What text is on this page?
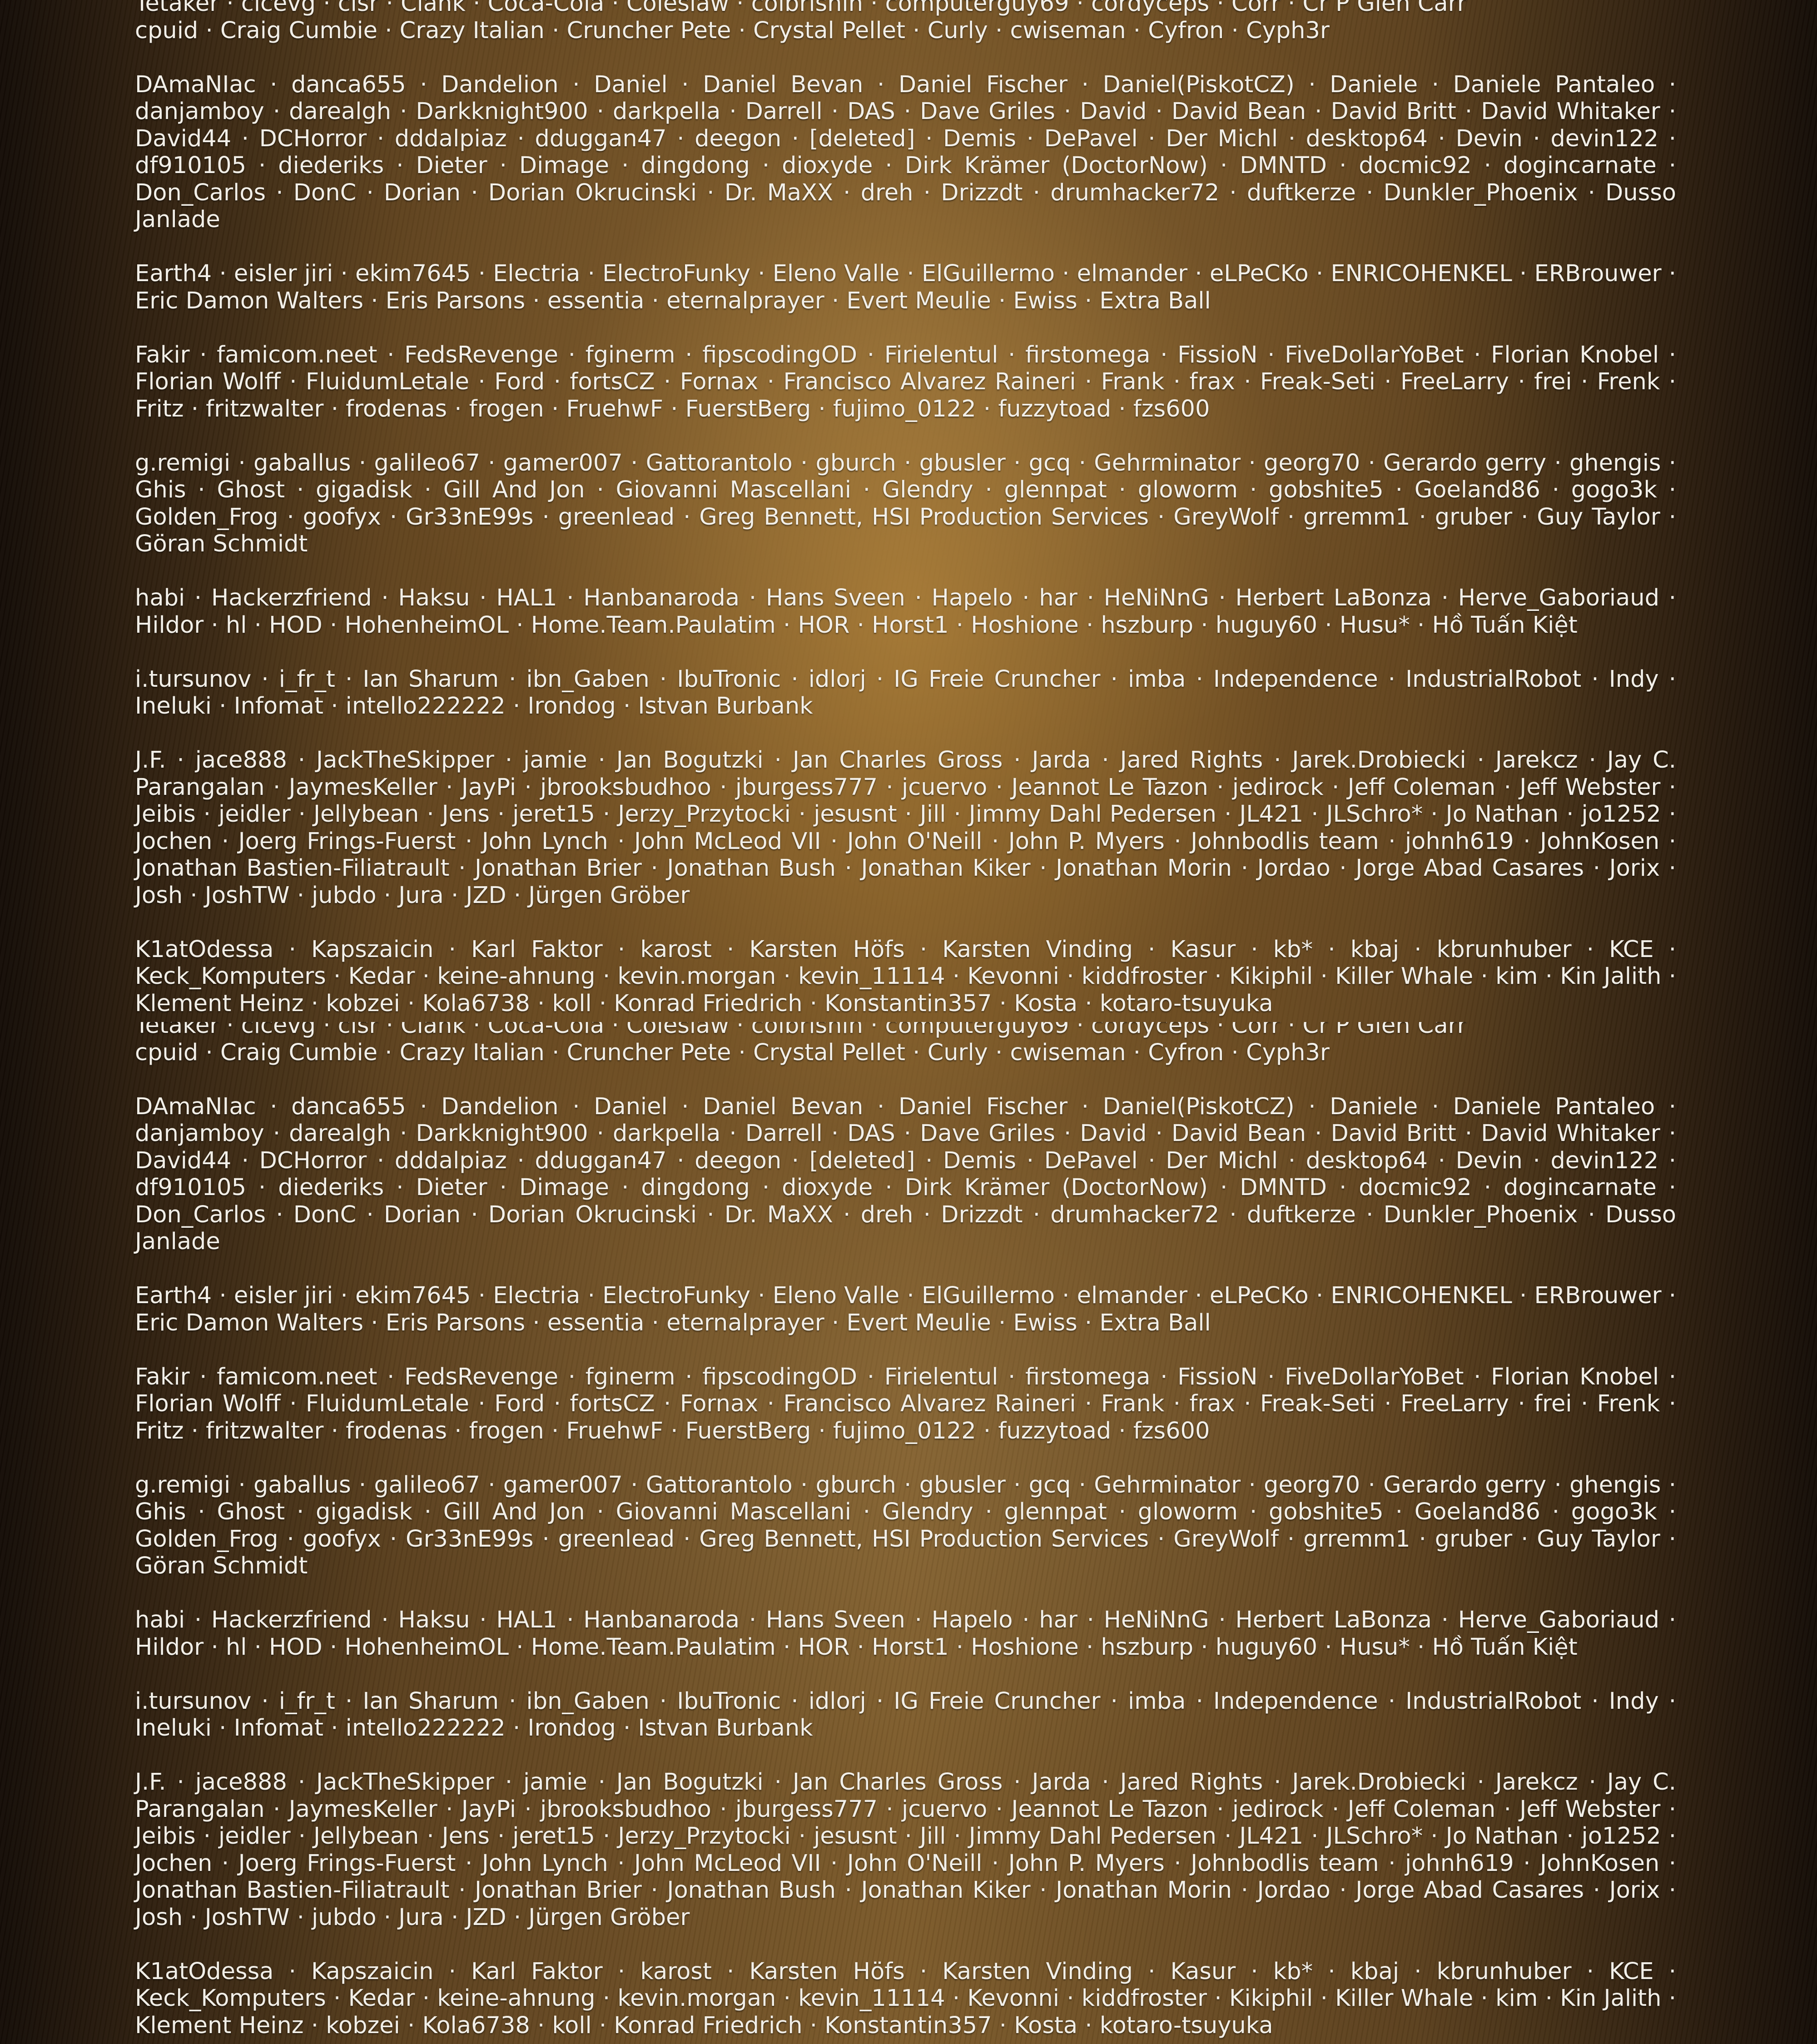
Tetaker · cicevg · cisr · Clank · Coca-Cola · Coleslaw · colbrishin · computerguy69 · cordyceps · Corr · Cr P Glen Carr

cpuid · Craig Cumbie · Crazy Italian · Cruncher Pete · Crystal Pellet · Curly · cwiseman · Cyfron · Cyph3r

DAmaNIac · danca655 · Dandelion · Daniel · Daniel Bevan · Daniel Fischer · Daniel(PiskotCZ) · Daniele · Daniele Pantaleo · danjamboy · darealgh · Darkknight900 · darkpella · Darrell · DAS · Dave Griles · David · David Bean · David Britt · David Whitaker · David44 · DCHorror · dddalpiaz · dduggan47 · deegon · [deleted] · Demis · DePavel · Der Michl · desktop64 · Devin · devin122 · df910105 · diederiks · Dieter · Dimage · dingdong · dioxyde · Dirk Krämer (DoctorNow) · DMNTD · docmic92 · dogincarnate · Don_Carlos · DonC · Dorian · Dorian Okrucinski · Dr. MaXX · dreh · Drizzdt · drumhacker72 · duftkerze · Dunkler_Phoenix · Dusso Janlade

Earth4 · eisler jiri · ekim7645 · Electria · ElectroFunky · Eleno Valle · ElGuillermo · elmander · eLPeCKo · ENRICOHENKEL · ERBrouwer · Eric Damon Walters · Eris Parsons · essentia · eternalprayer · Evert Meulie · Ewiss · Extra Ball

Fakir · famicom.neet · FedsRevenge · fginerm · fipscodingOD · Firielentul · firstomega · FissioN · FiveDollarYoBet · Florian Knobel · Florian Wolff · FluidumLetale · Ford · fortsCZ · Fornax · Francisco Alvarez Raineri · Frank · frax · Freak-Seti · FreeLarry · frei · Frenk · Fritz · fritzwalter · frodenas · frogen · FruehwF · FuerstBerg · fujimo_0122 · fuzzytoad · fzs600

g.remigi · gaballus · galileo67 · gamer007 · Gattorantolo · gburch · gbusler · gcq · Gehrminator · georg70 · Gerardo gerry · ghengis · Ghis · Ghost · gigadisk · Gill And Jon · Giovanni Mascellani · Glendry · glennpat · gloworm · gobshite5 · Goeland86 · gogo3k · Golden_Frog · goofyx · Gr33nE99s · greenlead · Greg Bennett, HSI Production Services · GreyWolf · grremm1 · gruber · Guy Taylor · Göran Schmidt

habi · Hackerzfriend · Haksu · HAL1 · Hanbanaroda · Hans Sveen · Hapelo · har · HeNiNnG · Herbert LaBonza · Herve_Gaboriaud · Hildor · hl · HOD · HohenheimOL · Home.Team.Paulatim · HOR · Horst1 · Hoshione · hszburp · huguy60 · Husu* · Hồ Tuấn Kiệt

i.tursunov · i_fr_t · Ian Sharum · ibn_Gaben · IbuTronic · idlorj · IG Freie Cruncher · imba · Independence · IndustrialRobot · Indy · Ineluki · Infomat · intello222222 · Irondog · Istvan Burbank

J.F. · jace888 · JackTheSkipper · jamie · Jan Bogutzki · Jan Charles Gross · Jarda · Jared Rights · Jarek.Drobiecki · Jarekcz · Jay C. Parangalan · JaymesKeller · JayPi · jbrooksbudhoo · jburgess777 · jcuervo · Jeannot Le Tazon · jedirock · Jeff Coleman · Jeff Webster · Jeibis · jeidler · Jellybean · Jens · jeret15 · Jerzy_Przytocki · jesusnt · Jill · Jimmy Dahl Pedersen · JL421 · JLSchro* · Jo Nathan · jo1252 · Jochen · Joerg Frings-Fuerst · John Lynch · John McLeod VII · John O'Neill · John P. Myers · Johnbodlis team · johnh619 · JohnKosen · Jonathan Bastien-Filiatrault · Jonathan Brier · Jonathan Bush · Jonathan Kiker · Jonathan Morin · Jordao · Jorge Abad Casares · Jorix · Josh · JoshTW · jubdo · Jura · JZD · Jürgen Gröber

K1atOdessa · Kapszaicin · Karl Faktor · karost · Karsten Höfs · Karsten Vinding · Kasur · kb* · kbaj · kbrunhuber · KCE · Keck_Komputers · Kedar · keine-ahnung · kevin.morgan · kevin_11114 · Kevonni · kiddfroster · Kikiphil · Killer Whale · kim · Kin Jalith · Klement Heinz · kobzei · Kola6738 · koll · Konrad Friedrich · Konstantin357 · Kosta · kotaro-tsuyuka

Tetaker · cicevg · cisr · Clank · Coca-Cola · Coleslaw · colbrishin · computerguy69 · cordyceps · Corr · Cr P Glen Carr

cpuid · Craig Cumbie · Crazy Italian · Cruncher Pete · Crystal Pellet · Curly · cwiseman · Cyfron · Cyph3r

DAmaNIac · danca655 · Dandelion · Daniel · Daniel Bevan · Daniel Fischer · Daniel(PiskotCZ) · Daniele · Daniele Pantaleo · danjamboy · darealgh · Darkknight900 · darkpella · Darrell · DAS · Dave Griles · David · David Bean · David Britt · David Whitaker · David44 · DCHorror · dddalpiaz · dduggan47 · deegon · [deleted] · Demis · DePavel · Der Michl · desktop64 · Devin · devin122 · df910105 · diederiks · Dieter · Dimage · dingdong · dioxyde · Dirk Krämer (DoctorNow) · DMNTD · docmic92 · dogincarnate · Don_Carlos · DonC · Dorian · Dorian Okrucinski · Dr. MaXX · dreh · Drizzdt · drumhacker72 · duftkerze · Dunkler_Phoenix · Dusso Janlade

Earth4 · eisler jiri · ekim7645 · Electria · ElectroFunky · Eleno Valle · ElGuillermo · elmander · eLPeCKo · ENRICOHENKEL · ERBrouwer · Eric Damon Walters · Eris Parsons · essentia · eternalprayer · Evert Meulie · Ewiss · Extra Ball

Fakir · famicom.neet · FedsRevenge · fginerm · fipscodingOD · Firielentul · firstomega · FissioN · FiveDollarYoBet · Florian Knobel · Florian Wolff · FluidumLetale · Ford · fortsCZ · Fornax · Francisco Alvarez Raineri · Frank · frax · Freak-Seti · FreeLarry · frei · Frenk · Fritz · fritzwalter · frodenas · frogen · FruehwF · FuerstBerg · fujimo_0122 · fuzzytoad · fzs600

g.remigi · gaballus · galileo67 · gamer007 · Gattorantolo · gburch · gbusler · gcq · Gehrminator · georg70 · Gerardo gerry · ghengis · Ghis · Ghost · gigadisk · Gill And Jon · Giovanni Mascellani · Glendry · glennpat · gloworm · gobshite5 · Goeland86 · gogo3k · Golden_Frog · goofyx · Gr33nE99s · greenlead · Greg Bennett, HSI Production Services · GreyWolf · grremm1 · gruber · Guy Taylor · Göran Schmidt

habi · Hackerzfriend · Haksu · HAL1 · Hanbanaroda · Hans Sveen · Hapelo · har · HeNiNnG · Herbert LaBonza · Herve_Gaboriaud · Hildor · hl · HOD · HohenheimOL · Home.Team.Paulatim · HOR · Horst1 · Hoshione · hszburp · huguy60 · Husu* · Hồ Tuấn Kiệt

i.tursunov · i_fr_t · Ian Sharum · ibn_Gaben · IbuTronic · idlorj · IG Freie Cruncher · imba · Independence · IndustrialRobot · Indy · Ineluki · Infomat · intello222222 · Irondog · Istvan Burbank

J.F. · jace888 · JackTheSkipper · jamie · Jan Bogutzki · Jan Charles Gross · Jarda · Jared Rights · Jarek.Drobiecki · Jarekcz · Jay C. Parangalan · JaymesKeller · JayPi · jbrooksbudhoo · jburgess777 · jcuervo · Jeannot Le Tazon · jedirock · Jeff Coleman · Jeff Webster · Jeibis · jeidler · Jellybean · Jens · jeret15 · Jerzy_Przytocki · jesusnt · Jill · Jimmy Dahl Pedersen · JL421 · JLSchro* · Jo Nathan · jo1252 · Jochen · Joerg Frings-Fuerst · John Lynch · John McLeod VII · John O'Neill · John P. Myers · Johnbodlis team · johnh619 · JohnKosen · Jonathan Bastien-Filiatrault · Jonathan Brier · Jonathan Bush · Jonathan Kiker · Jonathan Morin · Jordao · Jorge Abad Casares · Jorix · Josh · JoshTW · jubdo · Jura · JZD · Jürgen Gröber

K1atOdessa · Kapszaicin · Karl Faktor · karost · Karsten Höfs · Karsten Vinding · Kasur · kb* · kbaj · kbrunhuber · KCE · Keck_Komputers · Kedar · keine-ahnung · kevin.morgan · kevin_11114 · Kevonni · kiddfroster · Kikiphil · Killer Whale · kim · Kin Jalith · Klement Heinz · kobzei · Kola6738 · koll · Konrad Friedrich · Konstantin357 · Kosta · kotaro-tsuyuka
